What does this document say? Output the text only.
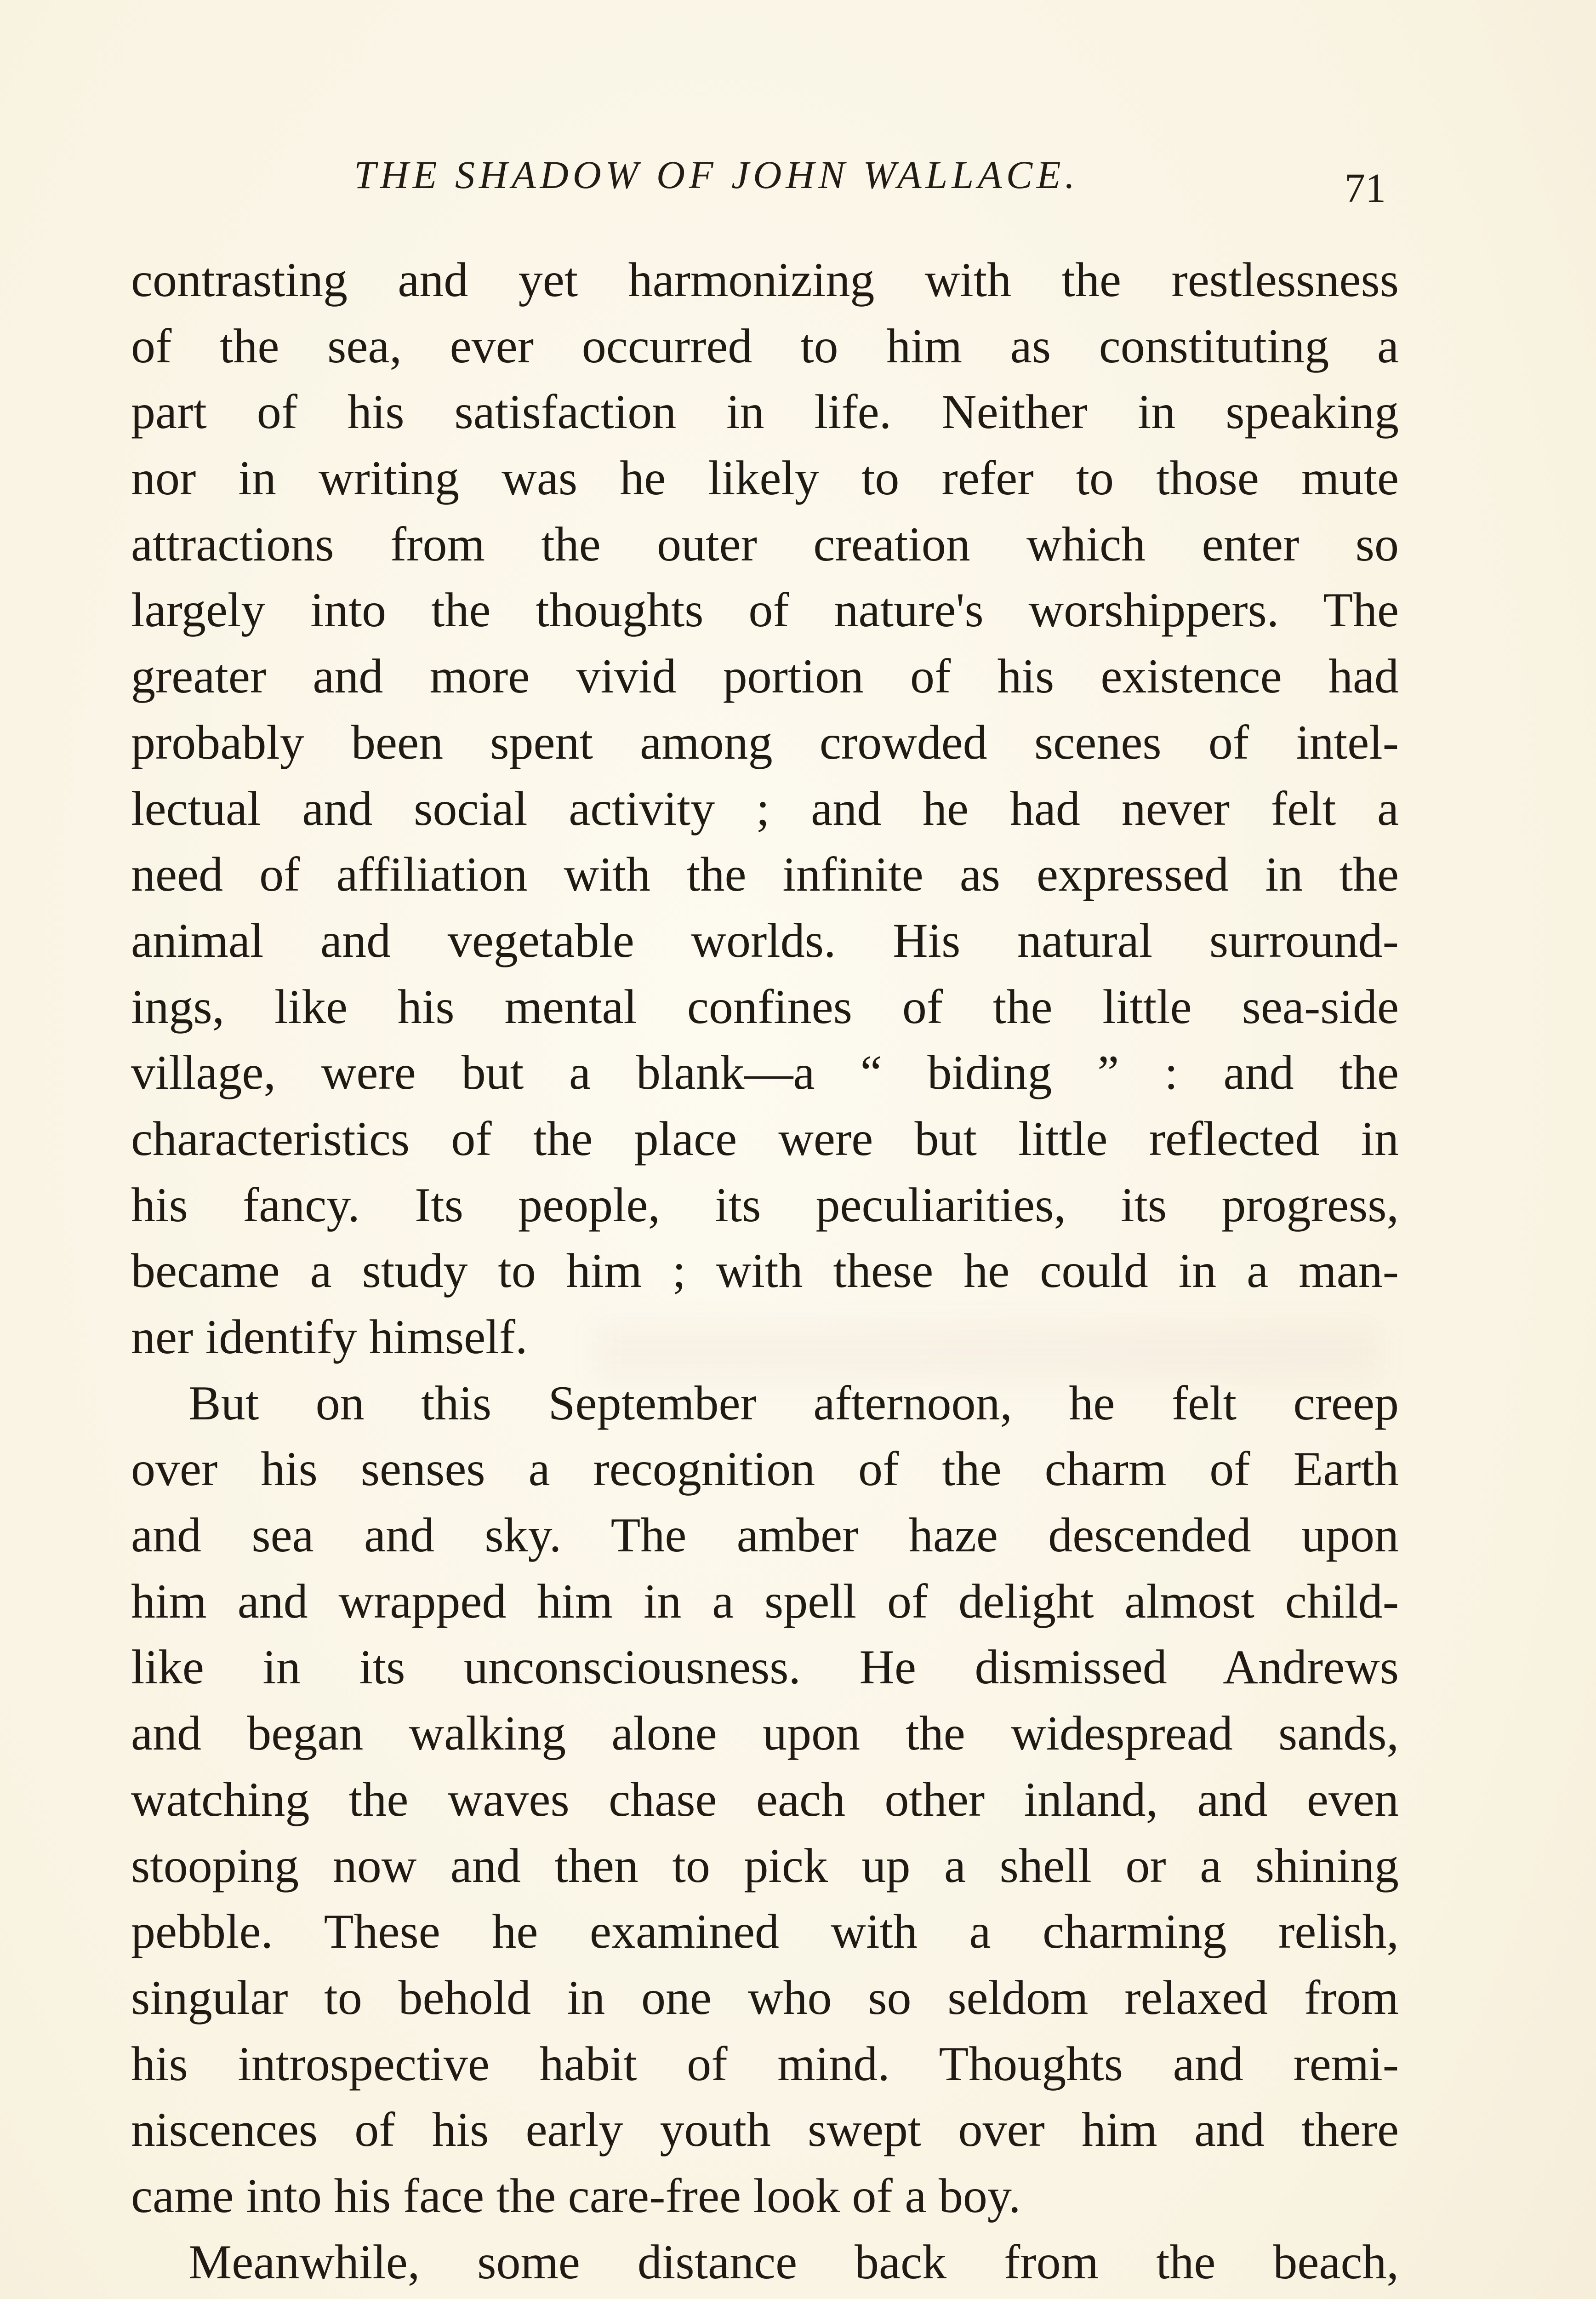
THE SHADOW OF JOHN WALLACE.	71
contrasting and yet harmonizing with the restlessness
of the sea, ever occurred to him as constituting a
part of his satisfaction in life. Neither in speaking
nor in writing was he likely to refer to those mute
attractions from the outer creation which enter so
largely into the thoughts of nature's worshippers. The
greater and more vivid portion of his existence had
probably been spent among crowded scenes of intel-
lectual and social activity ; and he had never felt a
need of affiliation with the infinite as expressed in the
animal and vegetable worlds. His natural surround-
ings, like his mental confines of the little sea-side
village, were but a blank—a “ biding ” : and the
characteristics of the place were but little reflected in
his fancy. Its people, its peculiarities, its progress,
became a study to him ; with these he could in a man-
ner identify himself.
But on this September afternoon, he felt creep
over his senses a recognition of the charm of Earth
and sea and sky. The amber haze descended upon
him and wrapped him in a spell of delight almost child-
like in its unconsciousness. He dismissed Andrews
and began walking alone upon the widespread sands,
watching the waves chase each other inland, and even
stooping now and then to pick up a shell or a shining
pebble. These he examined with a charming relish,
singular to behold in one who so seldom relaxed from
his introspective habit of mind. Thoughts and remi-
niscences of his early youth swept over him and there
came into his face the care-free look of a boy.
Meanwhile, some distance back from the beach,
